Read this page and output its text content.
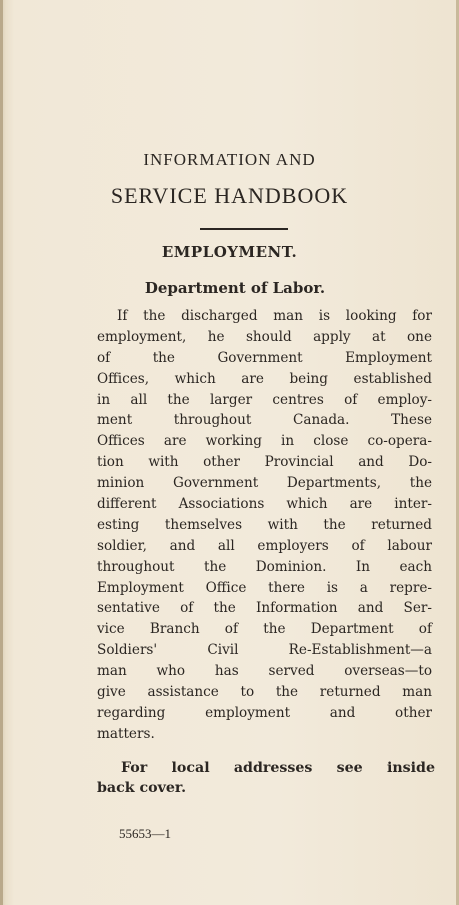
INFORMATION AND
SERVICE HANDBOOK
EMPLOYMENT.
Department of Labor.
If the discharged man is looking for
employment, he should apply at one
of the Government Employment
Offices, which are being established
in all the larger centres of employ-
ment throughout Canada. These
Offices are working in close co-opera-
tion with other Provincial and Do-
minion Government Departments, the
different Associations which are inter-
esting themselves with the returned
soldier, and all employers of labour
throughout the Dominion. In each
Employment Office there is a repre-
sentative of the Information and Ser-
vice Branch of the Department of
Soldiers' Civil Re-Establishment—a
man who has served overseas—to
give assistance to the returned man
regarding employment and other
matters.
For local addresses see inside
back cover.
55653—1
